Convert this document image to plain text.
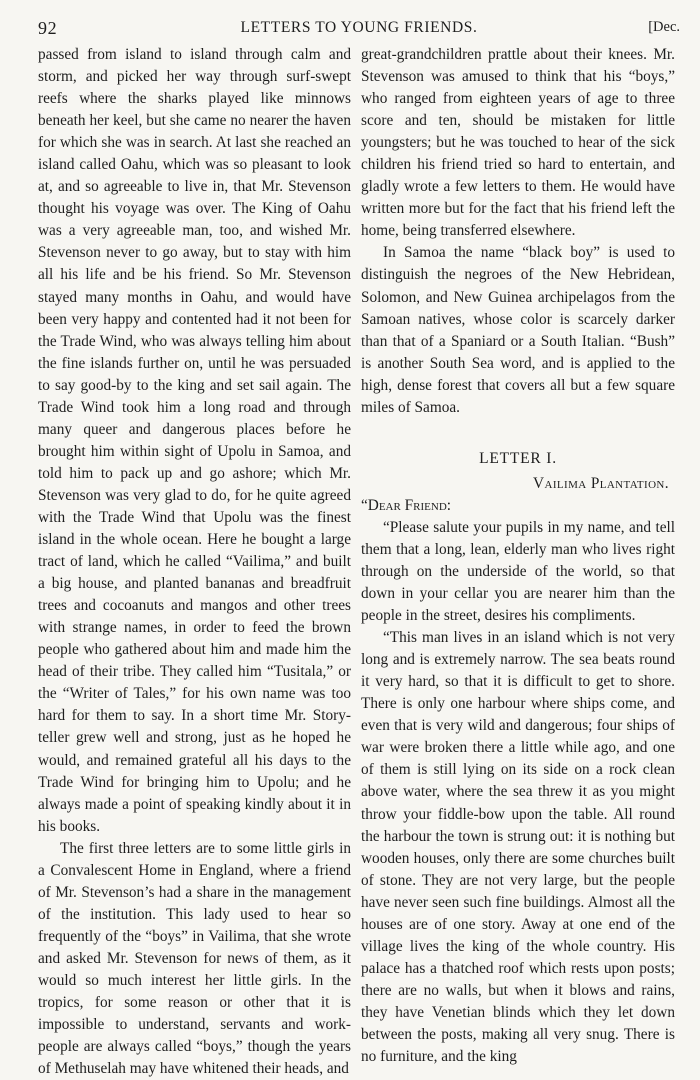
92	LETTERS TO YOUNG FRIENDS.	[Dec.

passed from island to island through calm and storm, and picked her way through surf-swept reefs where the sharks played like minnows beneath her keel, but she came no nearer the haven for which she was in search. At last she reached an island called Oahu, which was so pleasant to look at, and so agreeable to live in, that Mr. Stevenson thought his voyage was over. The King of Oahu was a very agreeable man, too, and wished Mr. Stevenson never to go away, but to stay with him all his life and be his friend. So Mr. Stevenson stayed many months in Oahu, and would have been very happy and contented had it not been for the Trade Wind, who was always telling him about the fine islands further on, until he was persuaded to say good-by to the king and set sail again. The Trade Wind took him a long road and through many queer and dangerous places before he brought him within sight of Upolu in Samoa, and told him to pack up and go ashore; which Mr. Stevenson was very glad to do, for he quite agreed with the Trade Wind that Upolu was the finest island in the whole ocean. Here he bought a large tract of land, which he called “Vailima,” and built a big house, and planted bananas and breadfruit trees and cocoanuts and mangos and other trees with strange names, in order to feed the brown people who gathered about him and made him the head of their tribe. They called him “Tusitala,” or the “Writer of Tales,” for his own name was too hard for them to say. In a short time Mr. Story-teller grew well and strong, just as he hoped he would, and remained grateful all his days to the Trade Wind for bringing him to Upolu; and he always made a point of speaking kindly about it in his books.

The first three letters are to some little girls in a Convalescent Home in England, where a friend of Mr. Stevenson’s had a share in the management of the institution. This lady used to hear so frequently of the “boys” in Vailima, that she wrote and asked Mr. Stevenson for news of them, as it would so much interest her little girls. In the tropics, for some reason or other that it is impossible to understand, servants and work-people are always called “boys,” though the years of Methuselah may have whitened their heads, and

great-grandchildren prattle about their knees. Mr. Stevenson was amused to think that his “boys,” who ranged from eighteen years of age to three score and ten, should be mistaken for little youngsters; but he was touched to hear of the sick children his friend tried so hard to entertain, and gladly wrote a few letters to them. He would have written more but for the fact that his friend left the home, being transferred elsewhere.

In Samoa the name “black boy” is used to distinguish the negroes of the New Hebridean, Solomon, and New Guinea archipelagos from the Samoan natives, whose color is scarcely darker than that of a Spaniard or a South Italian. “Bush” is another South Sea word, and is applied to the high, dense forest that covers all but a few square miles of Samoa.

LETTER I.
Vailima Plantation.

“Dear Friend:

“Please salute your pupils in my name, and tell them that a long, lean, elderly man who lives right through on the underside of the world, so that down in your cellar you are nearer him than the people in the street, desires his compliments.

“This man lives in an island which is not very long and is extremely narrow. The sea beats round it very hard, so that it is difficult to get to shore. There is only one harbour where ships come, and even that is very wild and dangerous; four ships of war were broken there a little while ago, and one of them is still lying on its side on a rock clean above water, where the sea threw it as you might throw your fiddle-bow upon the table. All round the harbour the town is strung out: it is nothing but wooden houses, only there are some churches built of stone. They are not very large, but the people have never seen such fine buildings. Almost all the houses are of one story. Away at one end of the village lives the king of the whole country. His palace has a thatched roof which rests upon posts; there are no walls, but when it blows and rains, they have Venetian blinds which they let down between the posts, making all very snug. There is no furniture, and the king
